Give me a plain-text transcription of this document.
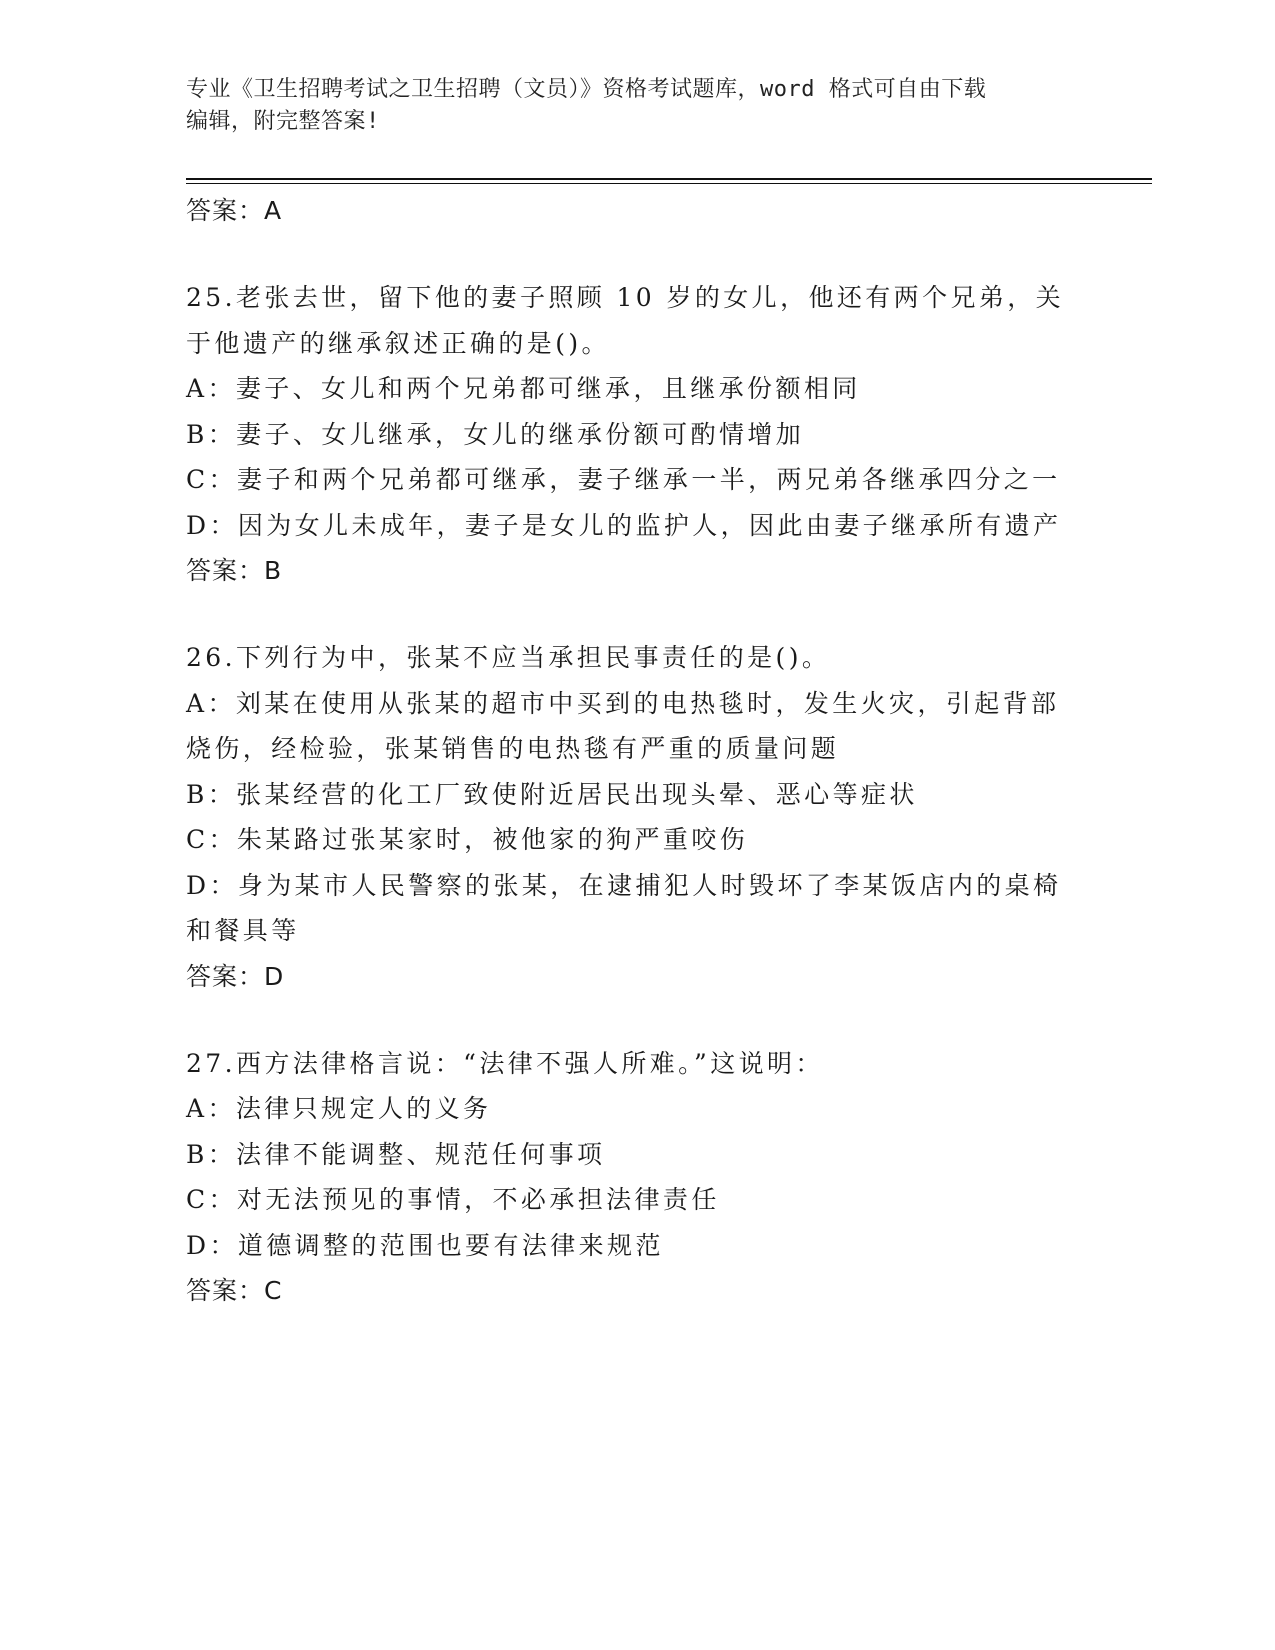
专业《卫生招聘考试之卫生招聘（文员）》资格考试题库，word 格式可自由下载
编辑，附完整答案!
答案：A
25.老张去世，留下他的妻子照顾 10 岁的女儿，他还有两个兄弟，关
于他遗产的继承叙述正确的是()。
A：妻子、女儿和两个兄弟都可继承，且继承份额相同
B：妻子、女儿继承，女儿的继承份额可酌情增加
C：妻子和两个兄弟都可继承，妻子继承一半，两兄弟各继承四分之一
D：因为女儿未成年，妻子是女儿的监护人，因此由妻子继承所有遗产
答案：B
26.下列行为中，张某不应当承担民事责任的是()。
A：刘某在使用从张某的超市中买到的电热毯时，发生火灾，引起背部
烧伤，经检验，张某销售的电热毯有严重的质量问题
B：张某经营的化工厂致使附近居民出现头晕、恶心等症状
C：朱某路过张某家时，被他家的狗严重咬伤
D：身为某市人民警察的张某，在逮捕犯人时毁坏了李某饭店内的桌椅
和餐具等
答案：D
27.西方法律格言说：“法律不强人所难。”这说明：
A：法律只规定人的义务
B：法律不能调整、规范任何事项
C：对无法预见的事情，不必承担法律责任
D：道德调整的范围也要有法律来规范
答案：C
